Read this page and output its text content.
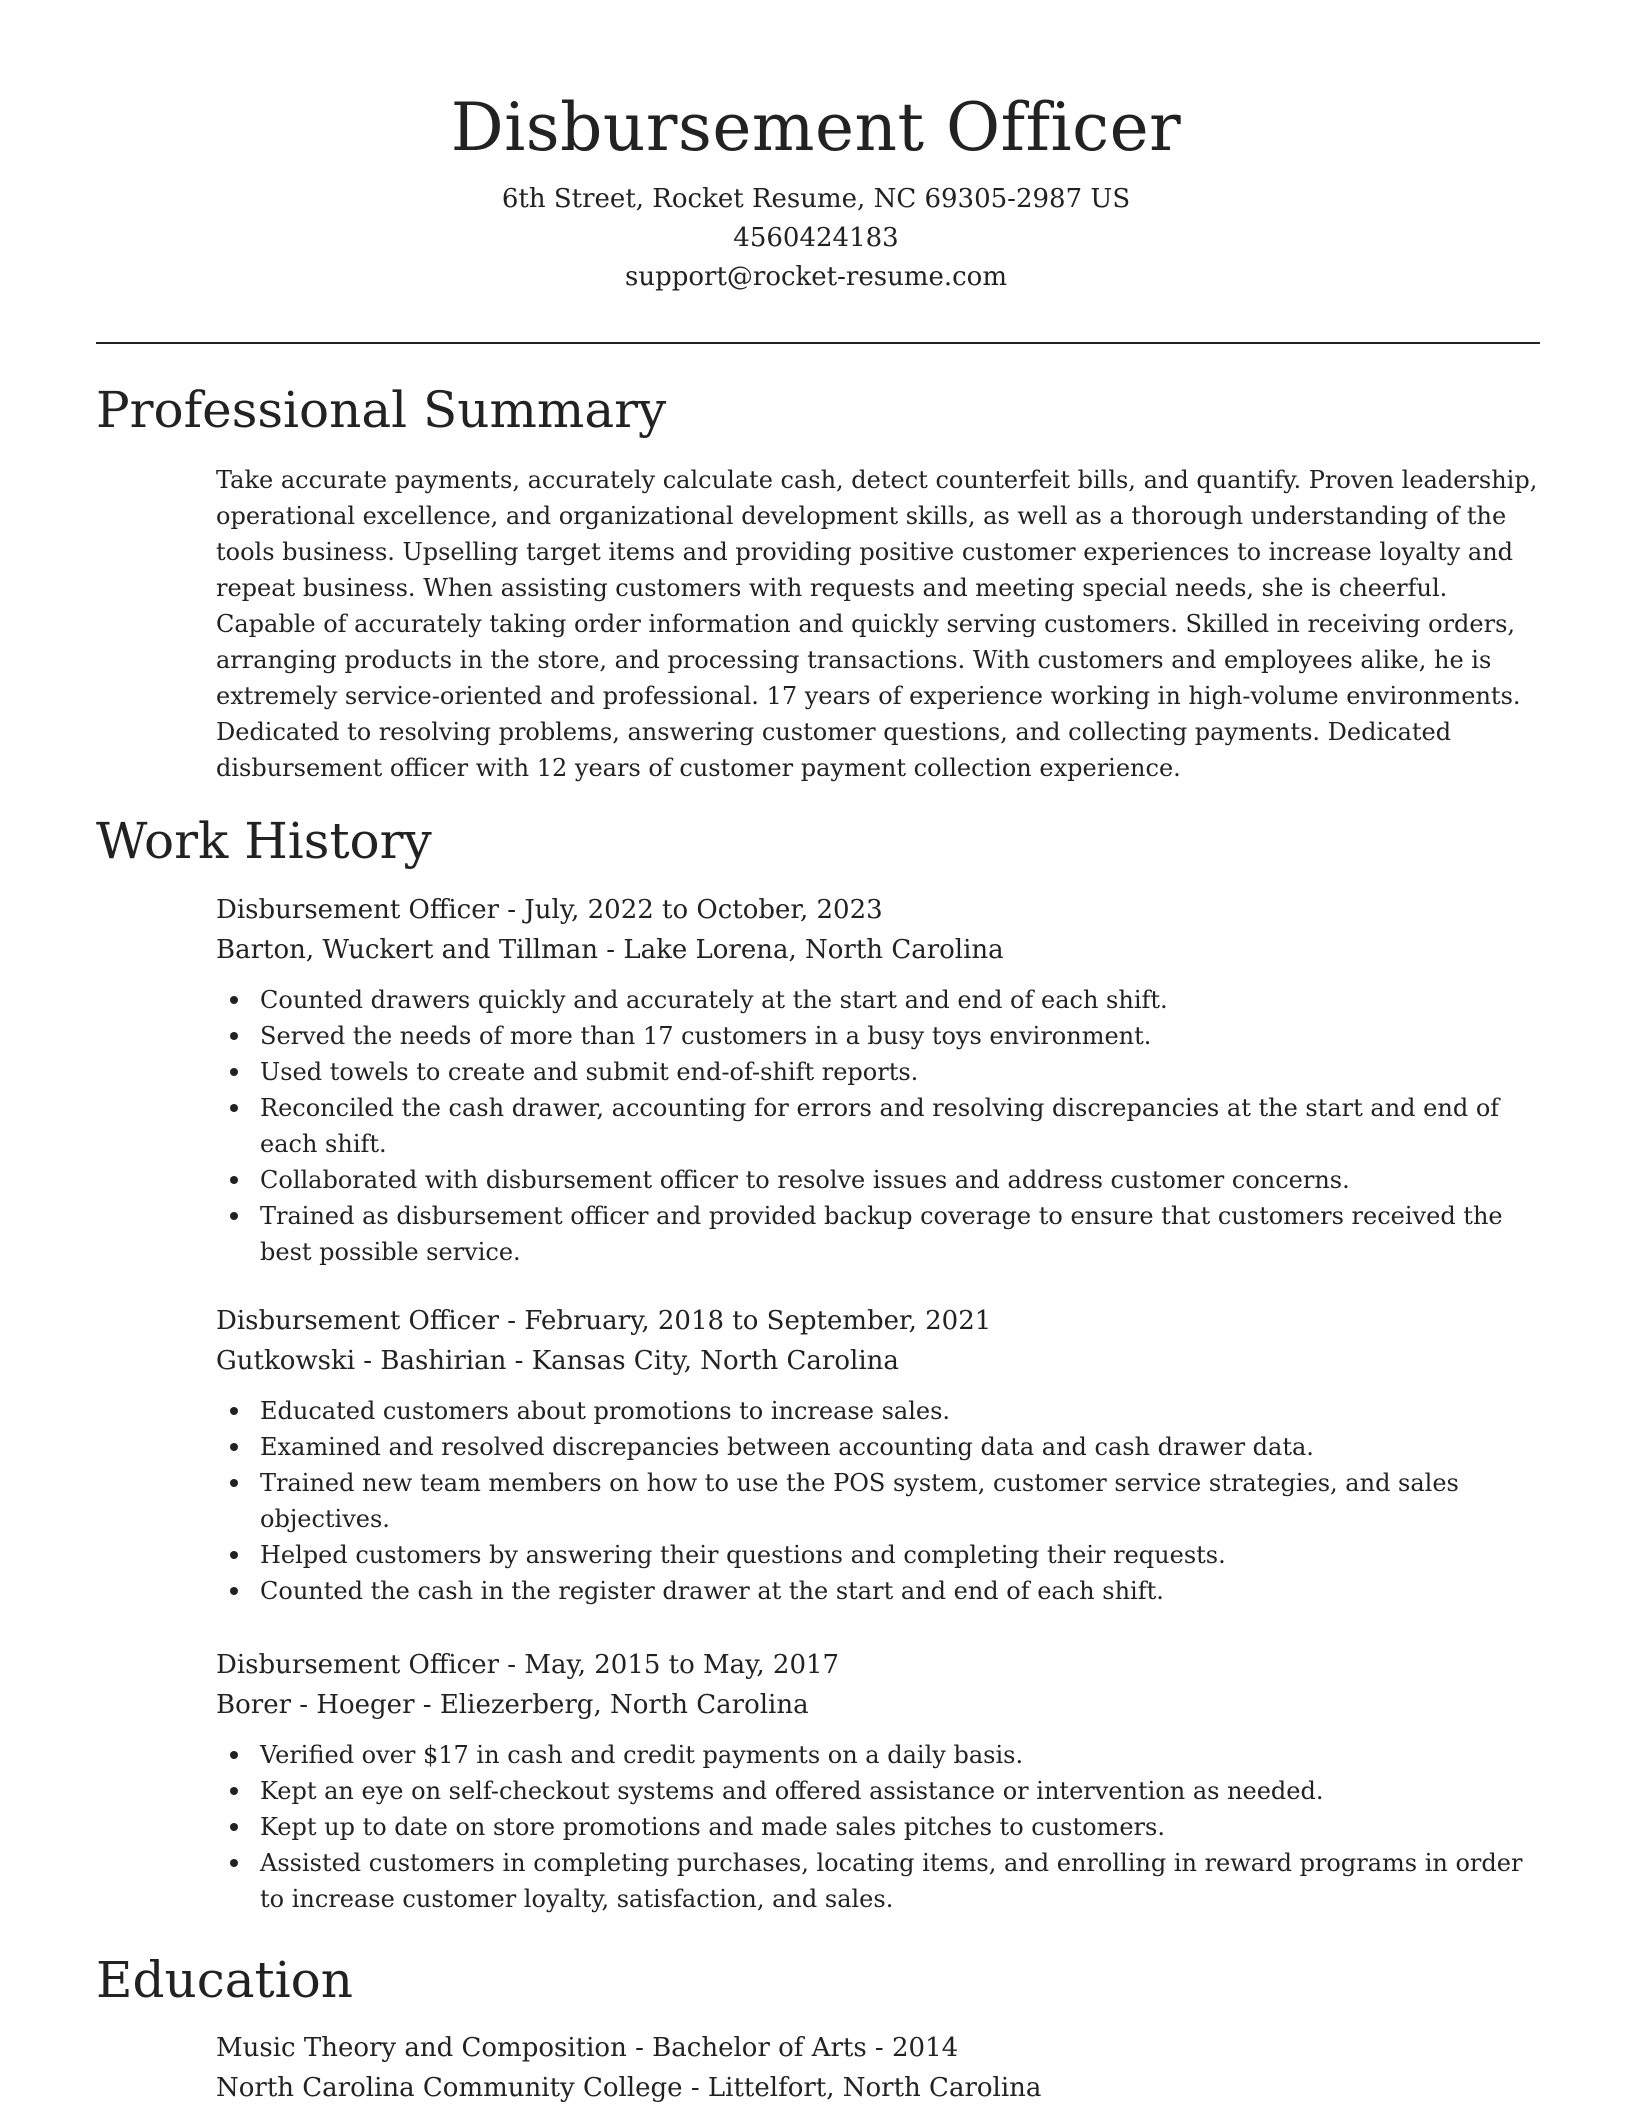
Disbursement Officer
6th Street, Rocket Resume, NC 69305-2987 US
4560424183
support@rocket-resume.com
Professional Summary

Take accurate payments, accurately calculate cash, detect counterfeit bills, and quantify. Proven leadership, operational excellence, and organizational development skills, as well as a thorough understanding of the tools business. Upselling target items and providing positive customer experiences to increase loyalty and repeat business. When assisting customers with requests and meeting special needs, she is cheerful. Capable of accurately taking order information and quickly serving customers. Skilled in receiving orders, arranging products in the store, and processing transactions. With customers and employees alike, he is extremely service-oriented and professional. 17 years of experience working in high-volume environments. Dedicated to resolving problems, answering customer questions, and collecting payments. Dedicated disbursement officer with 12 years of customer payment collection experience.

Work History
Disbursement Officer - July, 2022 to October, 2023
Barton, Wuckert and Tillman - Lake Lorena, North Carolina
Counted drawers quickly and accurately at the start and end of each shift.
Served the needs of more than 17 customers in a busy toys environment.
Used towels to create and submit end-of-shift reports.
Reconciled the cash drawer, accounting for errors and resolving discrepancies at the start and end of each shift.
Collaborated with disbursement officer to resolve issues and address customer concerns.
Trained as disbursement officer and provided backup coverage to ensure that customers received the best possible service.
Disbursement Officer - February, 2018 to September, 2021
Gutkowski - Bashirian - Kansas City, North Carolina
Educated customers about promotions to increase sales.
Examined and resolved discrepancies between accounting data and cash drawer data.
Trained new team members on how to use the POS system, customer service strategies, and sales objectives.
Helped customers by answering their questions and completing their requests.
Counted the cash in the register drawer at the start and end of each shift.
Disbursement Officer - May, 2015 to May, 2017
Borer - Hoeger - Eliezerberg, North Carolina
Verified over $17 in cash and credit payments on a daily basis.
Kept an eye on self-checkout systems and offered assistance or intervention as needed.
Kept up to date on store promotions and made sales pitches to customers.
Assisted customers in completing purchases, locating items, and enrolling in reward programs in order to increase customer loyalty, satisfaction, and sales.
Education
Music Theory and Composition - Bachelor of Arts - 2014
North Carolina Community College - Littelfort, North Carolina
